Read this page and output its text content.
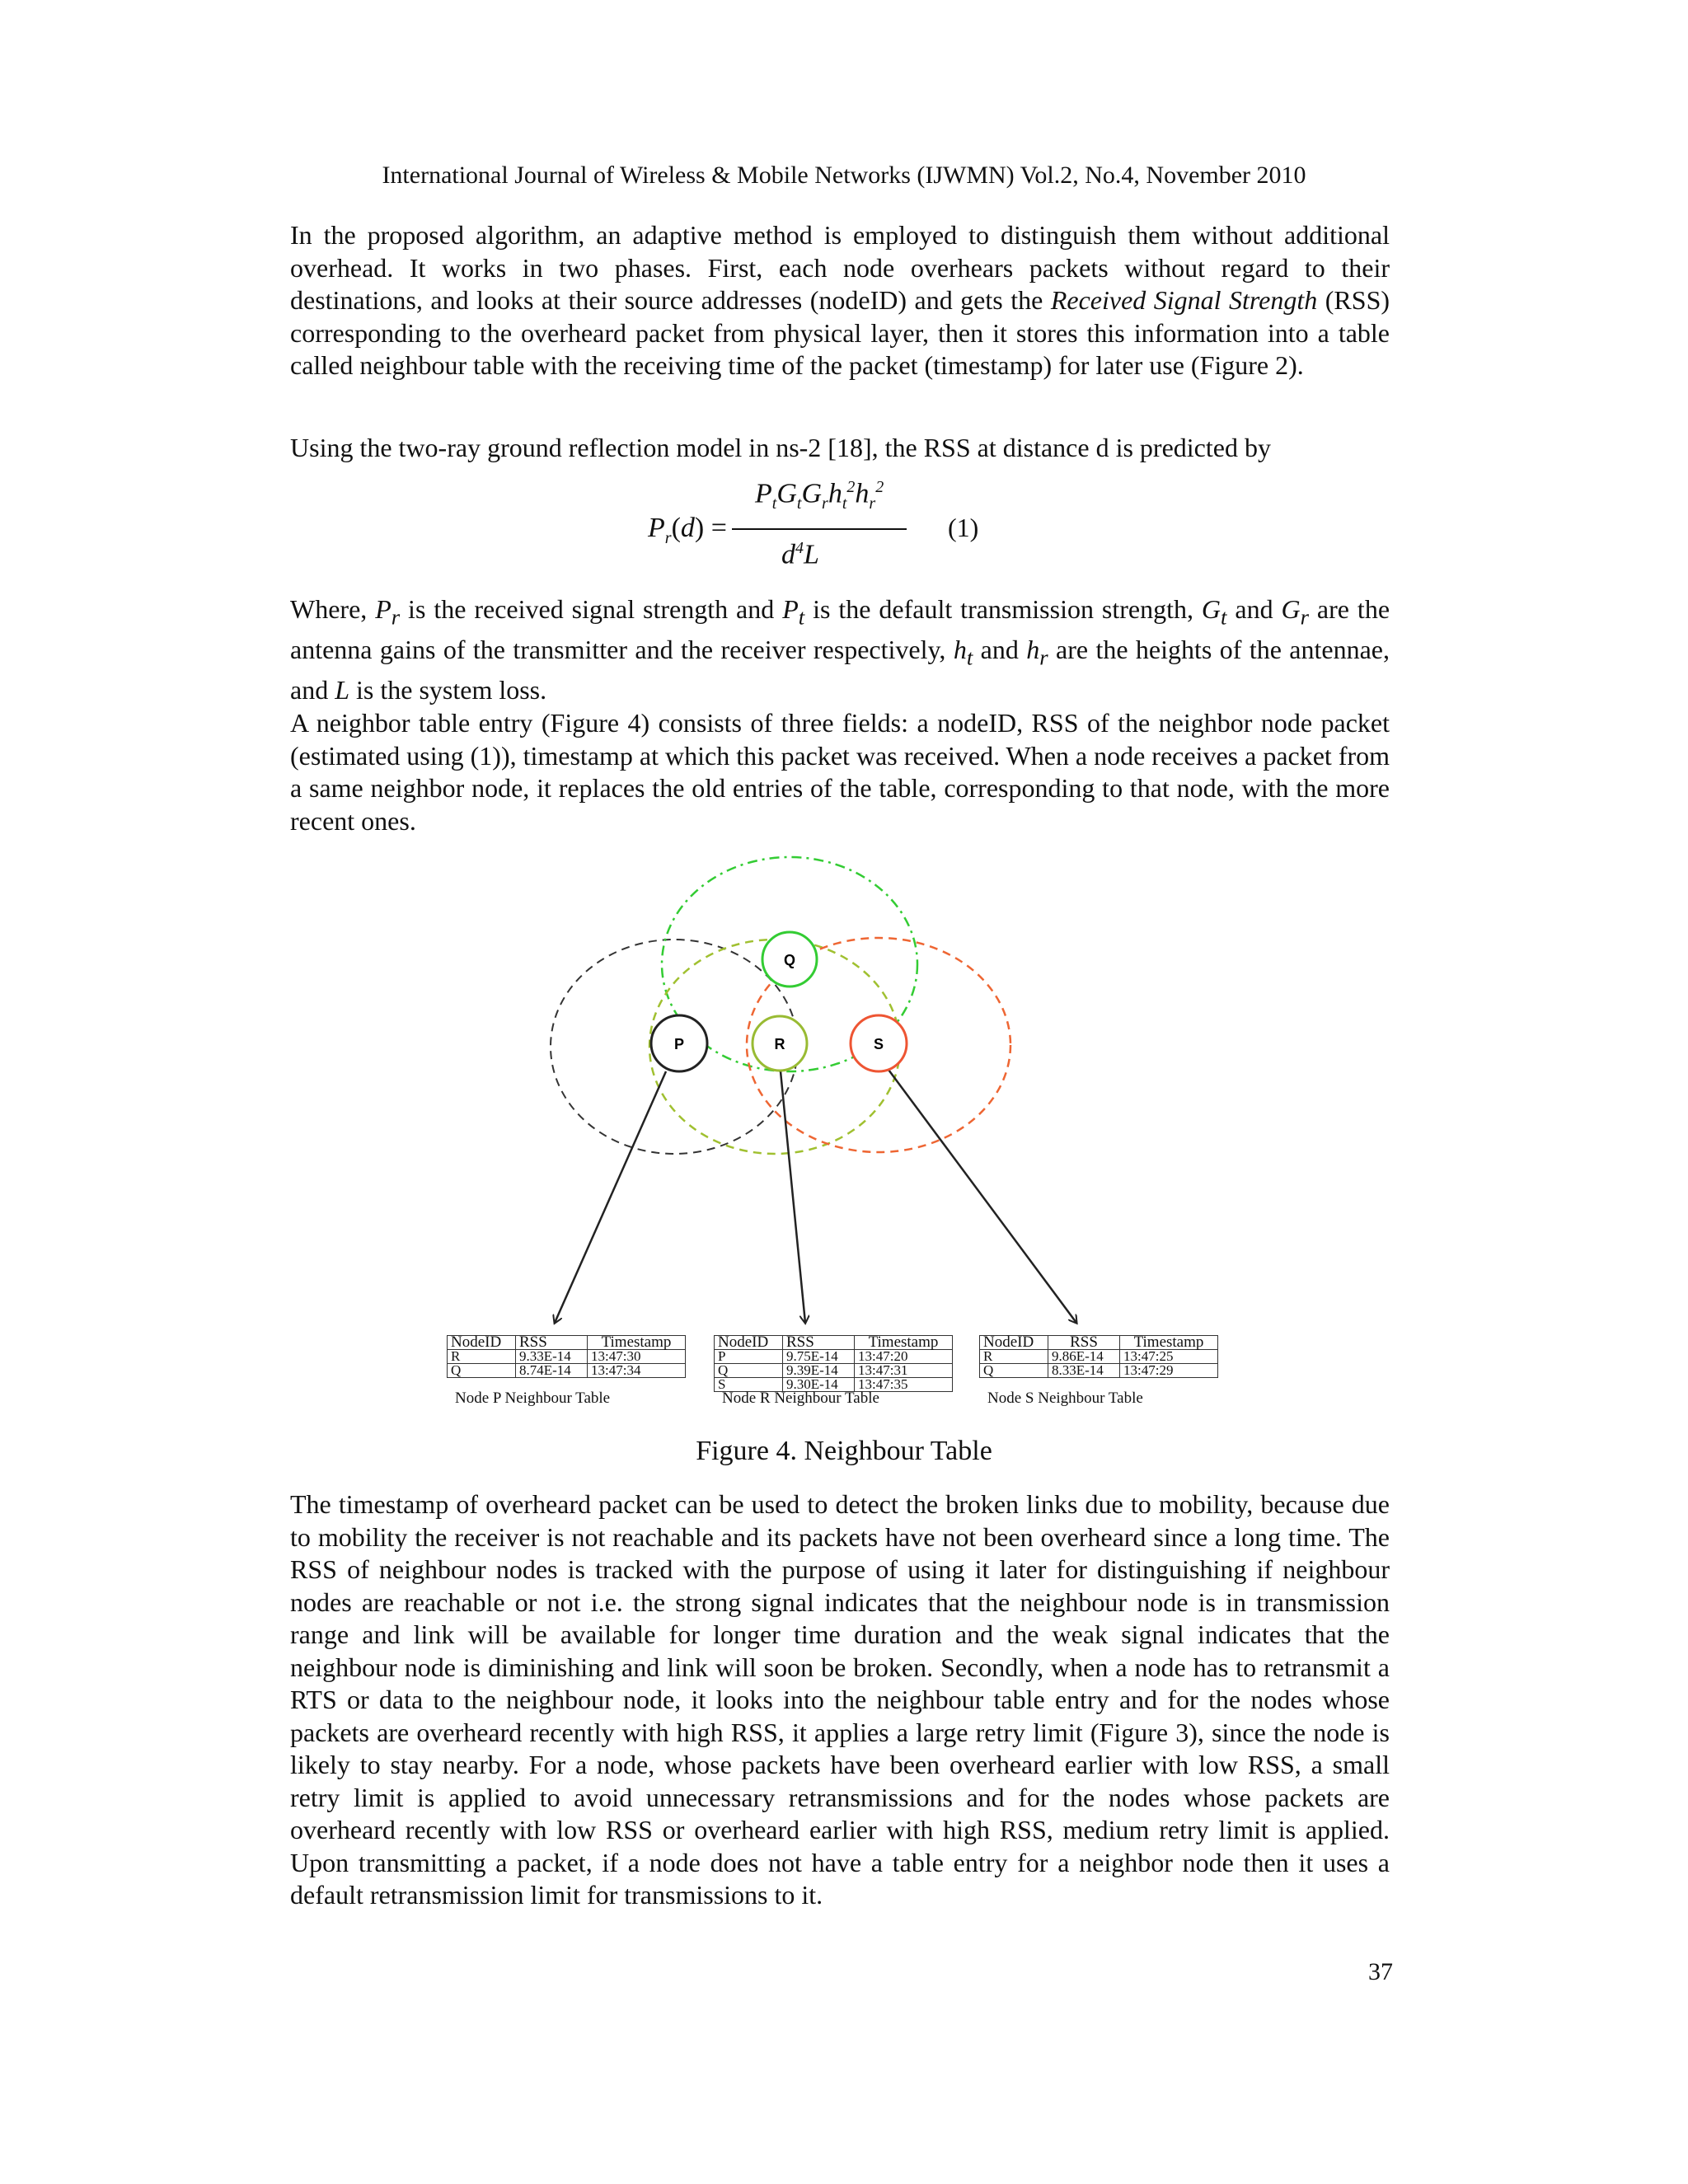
International Journal of Wireless & Mobile Networks (IJWMN) Vol.2, No.4, November 2010

In the proposed algorithm, an adaptive method is employed to distinguish them without additional overhead. It works in two phases. First, each node overhears packets without regard to their destinations, and looks at their source addresses (nodeID) and gets the Received Signal Strength (RSS) corresponding to the overheard packet from physical layer, then it stores this information into a table called neighbour table with the receiving time of the packet (timestamp) for later use (Figure 2).

Using the two-ray ground reflection model in ns-2 [18], the RSS at distance d is predicted by

$P_tG_tG_rh_t^2h_r^2$
$P_r(d)$ =
$d^4L$
(1)

Where, $P_r$ is the received signal strength and $P_t$ is the default transmission strength, $G_t$ and $G_r$ are the antenna gains of the transmitter and the receiver respectively, $h_t$ and $h_r$ are the heights of the antennae, and L is the system loss.

A neighbor table entry (Figure 4) consists of three fields: a nodeID, RSS of the neighbor node packet (estimated using (1)), timestamp at which this packet was received. When a node receives a packet from a same neighbor node, it replaces the old entries of the table, corresponding to that node, with the more recent ones.

Q
P	R	S
NodeID	RSS	Timestamp
R	9.33E-14	13:47:30
Q	8.74E-14	13:47:34
Node P Neighbour Table
NodeID	RSS	Timestamp
P	9.75E-14	13:47:20
Q	9.39E-14	13:47:31
S	9.30E-14	13:47:35
Node R Neighbour Table
NodeID	RSS	Timestamp
R	9.86E-14	13:47:25
Q	8.33E-14	13:47:29
Node S Neighbour Table
Figure 4. Neighbour Table

The timestamp of overheard packet can be used to detect the broken links due to mobility, because due to mobility the receiver is not reachable and its packets have not been overheard since a long time. The RSS of neighbour nodes is tracked with the purpose of using it later for distinguishing if neighbour nodes are reachable or not i.e. the strong signal indicates that the neighbour node is in transmission range and link will be available for longer time duration and the weak signal indicates that the neighbour node is diminishing and link will soon be broken. Secondly, when a node has to retransmit a RTS or data to the neighbour node, it looks into the neighbour table entry and for the nodes whose packets are overheard recently with high RSS, it applies a large retry limit (Figure 3), since the node is likely to stay nearby. For a node, whose packets have been overheard earlier with low RSS, a small retry limit is applied to avoid unnecessary retransmissions and for the nodes whose packets are overheard recently with low RSS or overheard earlier with high RSS, medium retry limit is applied. Upon transmitting a packet, if a node does not have a table entry for a neighbor node then it uses a default retransmission limit for transmissions to it.

37
